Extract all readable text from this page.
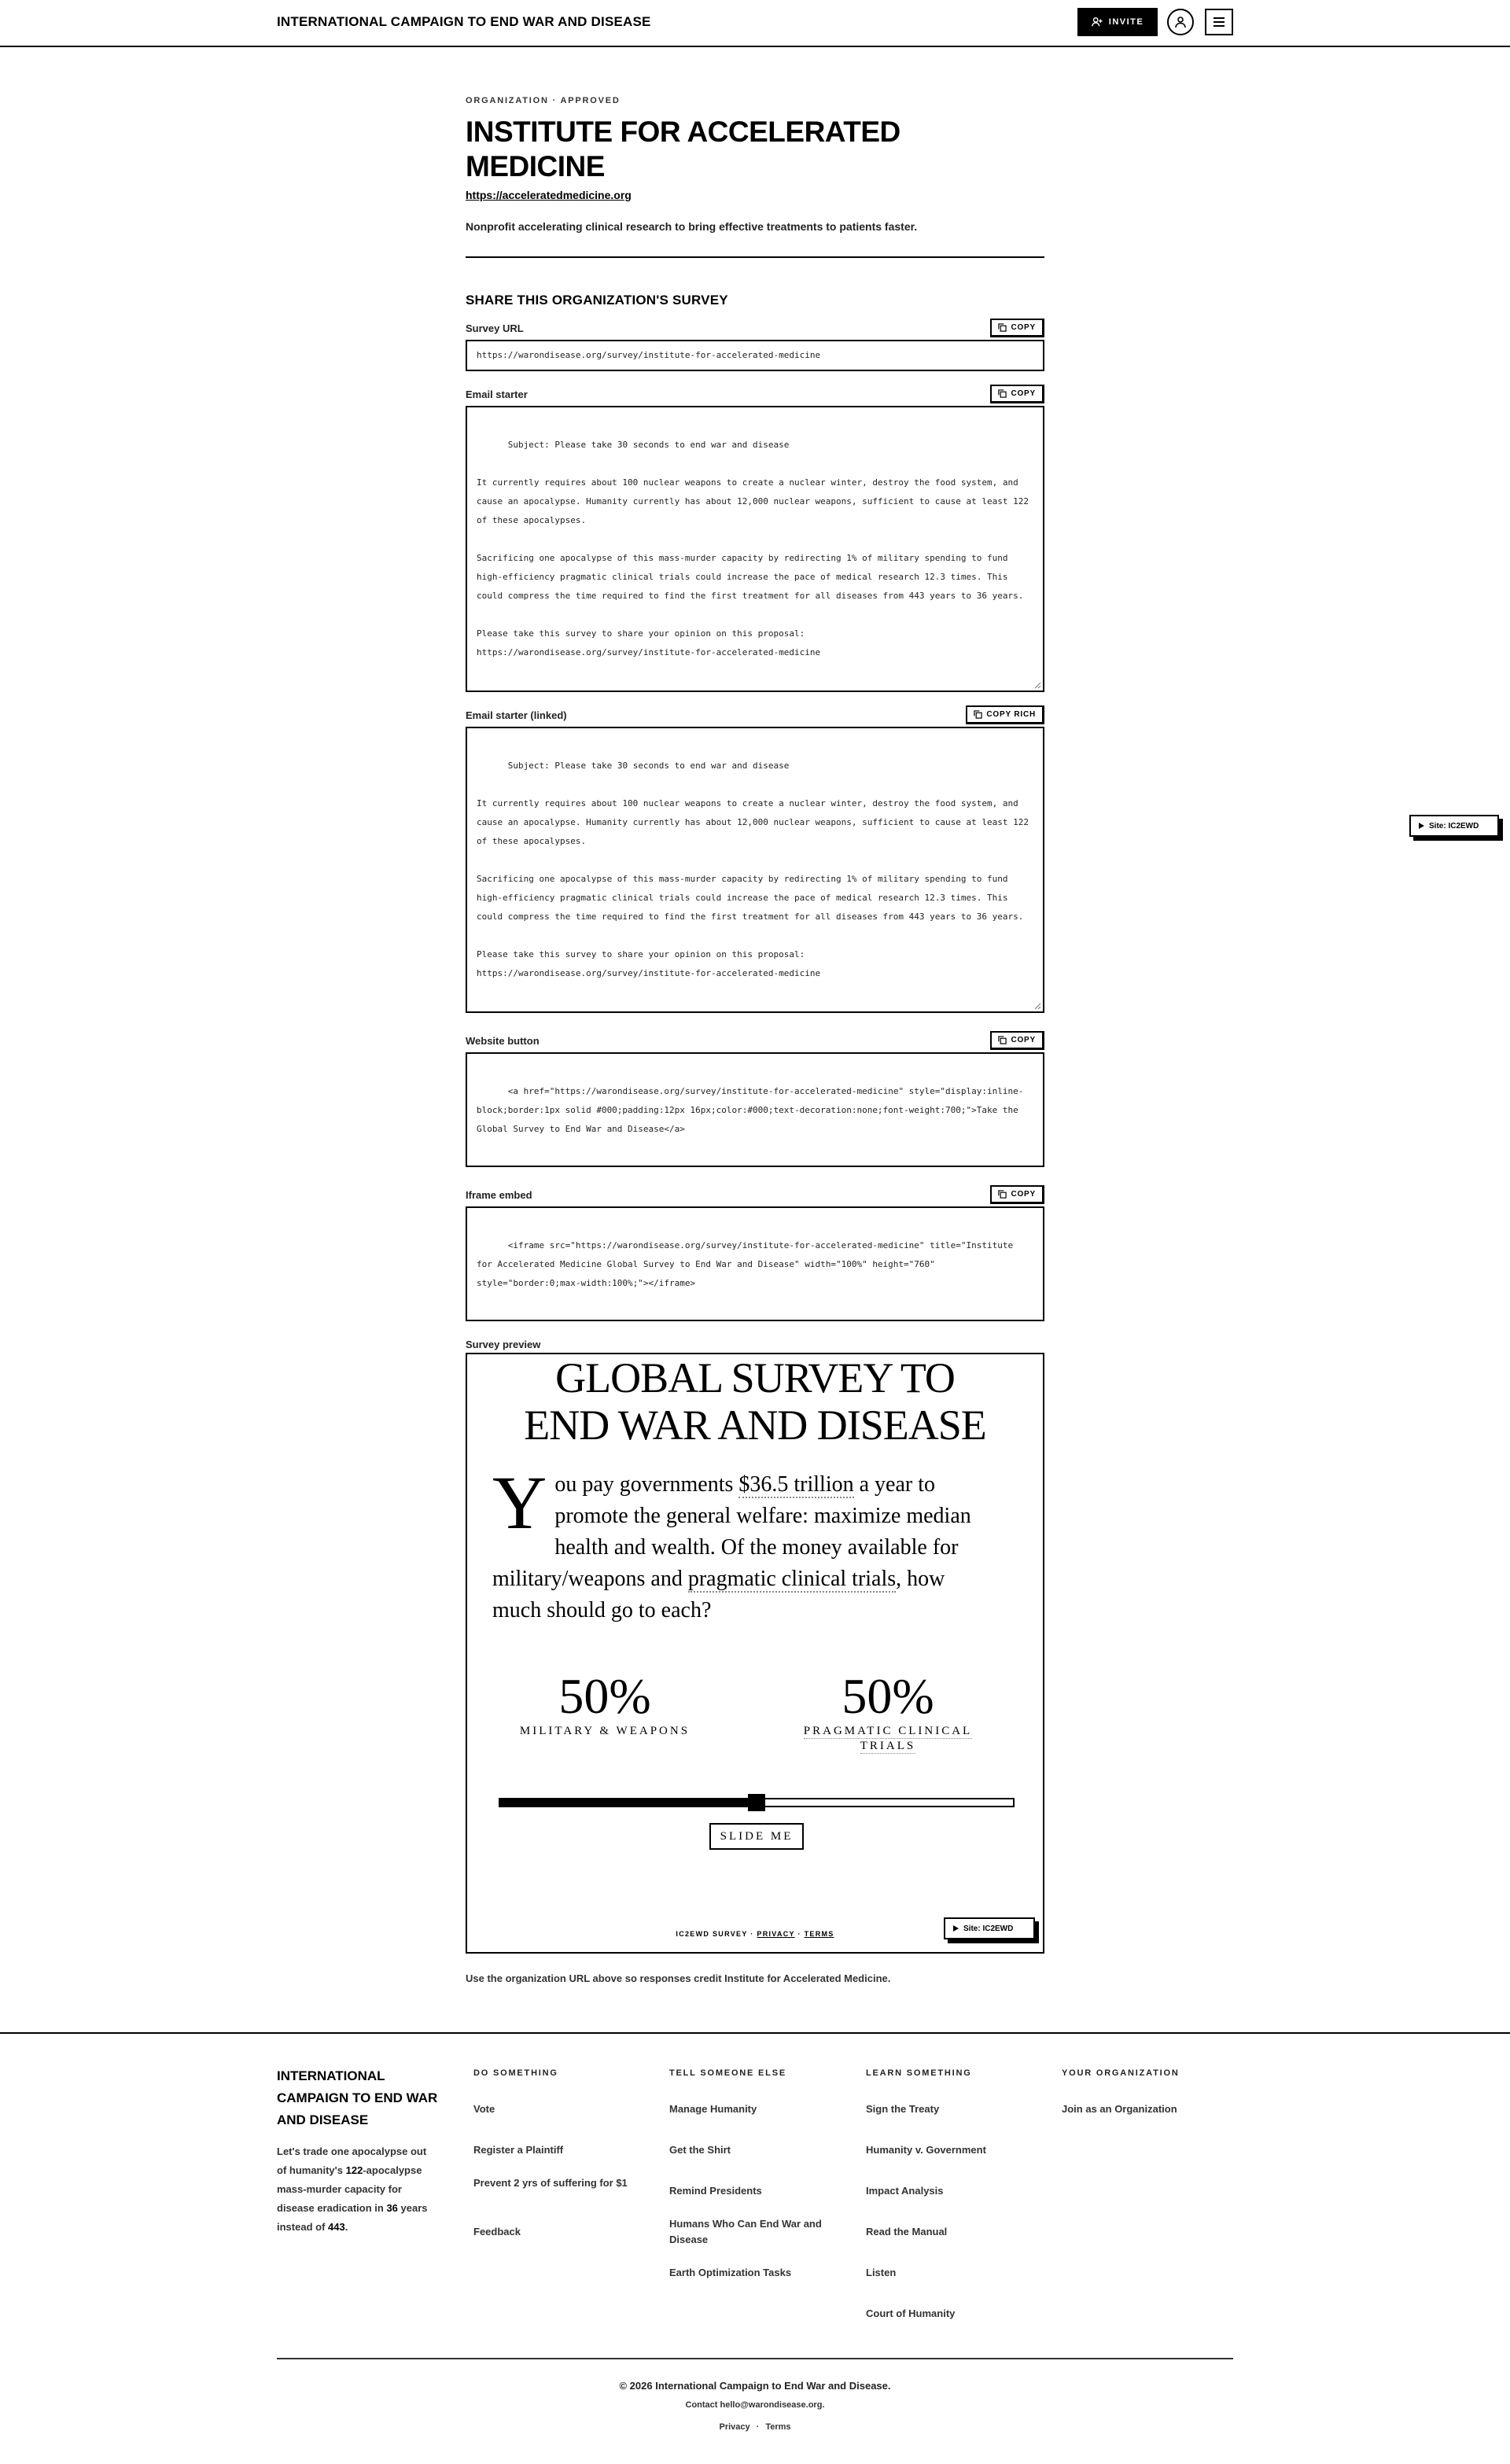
INTERNATIONAL CAMPAIGN TO END WAR AND DISEASE	INVITE
ORGANIZATION · APPROVED
INSTITUTE FOR ACCELERATED MEDICINE
https://acceleratedmedicine.org

Nonprofit accelerating clinical research to bring effective treatments to patients faster.

SHARE THIS ORGANIZATION'S SURVEY
Survey URL	COPY
https://warondisease.org/survey/institute-for-accelerated-medicine
Email starter	COPY

Subject: Please take 30 seconds to end war and disease

It currently requires about 100 nuclear weapons to create a nuclear winter, destroy the food system, and cause an apocalypse. Humanity currently has about 12,000 nuclear weapons, sufficient to cause at least 122 of these apocalypses.

Sacrificing one apocalypse of this mass-murder capacity by redirecting 1% of military spending to fund high-efficiency pragmatic clinical trials could increase the pace of medical research 12.3 times. This could compress the time required to find the first treatment for all diseases from 443 years to 36 years.

Please take this survey to share your opinion on this proposal:
https://warondisease.org/survey/institute-for-accelerated-medicine

Email starter (linked)	COPY RICH

Subject: Please take 30 seconds to end war and disease

It currently requires about 100 nuclear weapons to create a nuclear winter, destroy the food system, and cause an apocalypse. Humanity currently has about 12,000 nuclear weapons, sufficient to cause at least 122 of these apocalypses.

Sacrificing one apocalypse of this mass-murder capacity by redirecting 1% of military spending to fund high-efficiency pragmatic clinical trials could increase the pace of medical research 12.3 times. This could compress the time required to find the first treatment for all diseases from 443 years to 36 years.

Please take this survey to share your opinion on this proposal:
https://warondisease.org/survey/institute-for-accelerated-medicine

Website button	COPY

<a href="https://warondisease.org/survey/institute-for-accelerated-medicine" style="display:inline-block;border:1px solid #000;padding:12px 16px;color:#000;text-decoration:none;font-weight:700;">Take the Global Survey to End War and Disease</a>

Iframe embed	COPY

<iframe src="https://warondisease.org/survey/institute-for-accelerated-medicine" title="Institute for Accelerated Medicine Global Survey to End War and Disease" width="100%" height="760" style="border:0;max-width:100%;"></iframe>

Survey preview
GLOBAL SURVEY TO
END WAR AND DISEASE
You pay governments $36.5 trillion a year to promote the general welfare: maximize median health and wealth. Of the money available for military/weapons and pragmatic clinical trials, how much should go to each?
50%
MILITARY & WEAPONS
50%
PRAGMATIC CLINICAL
TRIALS
SLIDE ME
IC2EWD SURVEY · PRIVACY · TERMS
Site: IC2EWD

Use the organization URL above so responses credit Institute for Accelerated Medicine.

Site: IC2EWD
INTERNATIONAL CAMPAIGN TO END WAR AND DISEASE
Let's trade one apocalypse out of humanity's 122-apocalypse mass-murder capacity for disease eradication in 36 years instead of 443.
DO SOMETHING
Vote
Register a Plaintiff
Prevent 2 yrs of suffering for $1
Feedback
TELL SOMEONE ELSE
Manage Humanity
Get the Shirt
Remind Presidents
Humans Who Can End War and Disease
Earth Optimization Tasks
LEARN SOMETHING
Sign the Treaty
Humanity v. Government
Impact Analysis
Read the Manual
Listen
Court of Humanity
YOUR ORGANIZATION
Join as an Organization
© 2026 International Campaign to End War and Disease.
Contact hello@warondisease.org.
Privacy · Terms
